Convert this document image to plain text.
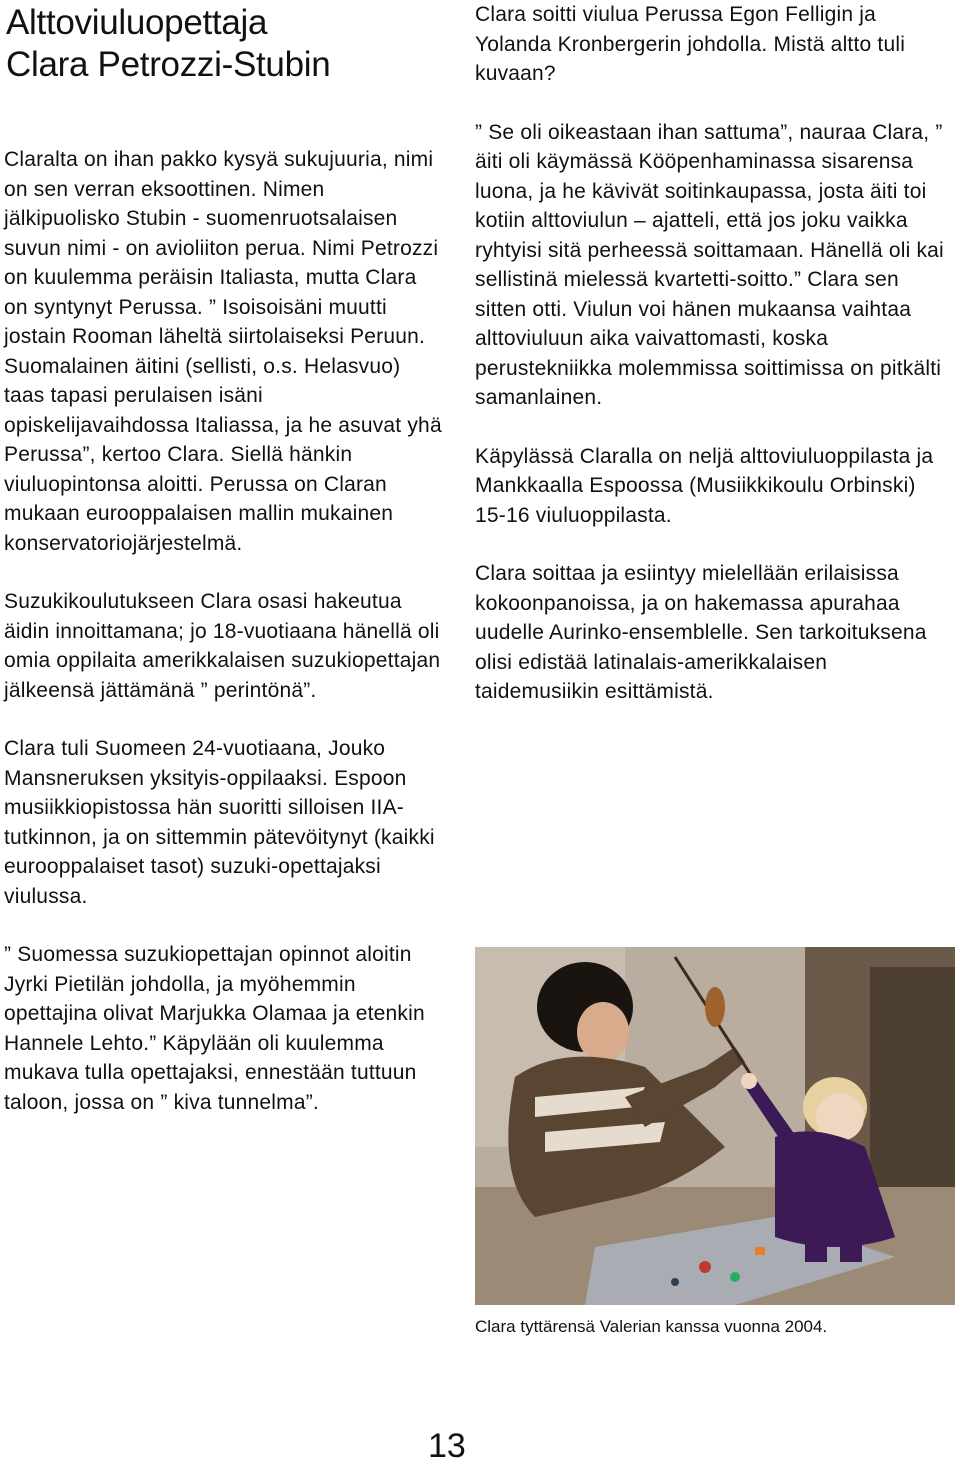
Alttoviuluopettaja
Clara Petrozzi-Stubin

Claralta on ihan pakko kysyä sukujuuria, nimi on sen verran eksoottinen. Nimen jälkipuolisko Stubin - suomenruotsalaisen suvun nimi - on avioliiton perua. Nimi Petrozzi on kuulemma peräisin Italiasta, mutta Clara on syntynyt Perussa. ” Isoisoisäni muutti jostain Rooman läheltä siirtolaiseksi Peruun. Suomalainen äitini (sellisti, o.s. Helasvuo) taas tapasi perulaisen isäni opiskelijavaihdossa Italiassa, ja he asuvat yhä Perussa”, kertoo Clara. Siellä hänkin viuluopintonsa aloitti. Perussa on Claran mukaan eurooppalaisen mallin mukainen konservatoriojärjestelmä.

Suzukikoulutukseen Clara osasi hakeutua äidin innoittamana; jo 18-vuotiaana hänellä oli omia oppilaita amerikkalaisen suzukiopettajan jälkeensä jättämänä ” perintönä”.

Clara tuli Suomeen 24-vuotiaana, Jouko Mansneruksen yksityis-oppilaaksi. Espoon musiikkiopistossa hän suoritti silloisen IIA-tutkinnon, ja on sittemmin pätevöitynyt (kaikki eurooppalaiset tasot) suzuki-opettajaksi viulussa.

” Suomessa suzukiopettajan opinnot aloitin Jyrki Pietilän johdolla, ja myöhemmin opettajina olivat Marjukka Olamaa ja etenkin Hannele Lehto.” Käpylään oli kuulemma mukava tulla opettajaksi, ennestään tuttuun taloon, jossa on ” kiva tunnelma”.

Clara soitti viulua Perussa Egon Felligin ja Yolanda Kronbergerin johdolla. Mistä altto tuli kuvaan?

” Se oli oikeastaan ihan sattuma”, nauraa Clara, ” äiti oli käymässä Kööpenhaminassa sisarensa luona, ja he kävivät soitinkaupassa, josta äiti toi kotiin alttoviulun – ajatteli, että jos joku vaikka ryhtyisi sitä perheessä soittamaan. Hänellä oli kai sellistinä mielessä kvartetti-soitto.” Clara sen sitten otti. Viulun voi hänen mukaansa vaihtaa alttoviuluun aika vaivattomasti, koska perustekniikka molemmissa soittimissa on pitkälti samanlainen.

Käpylässä Claralla on neljä alttoviuluoppilasta ja Mankkaalla Espoossa (Musiikkikoulu Orbinski) 15-16 viuluoppilasta.

Clara soittaa ja esiintyy mielellään erilaisissa kokoonpanoissa, ja on hakemassa apurahaa uudelle Aurinko-ensemblelle. Sen tarkoituksena olisi edistää latinalais-amerikkalaisen taidemusiikin esittämistä.

Clara tyttärensä Valerian kanssa vuonna 2004.

13
